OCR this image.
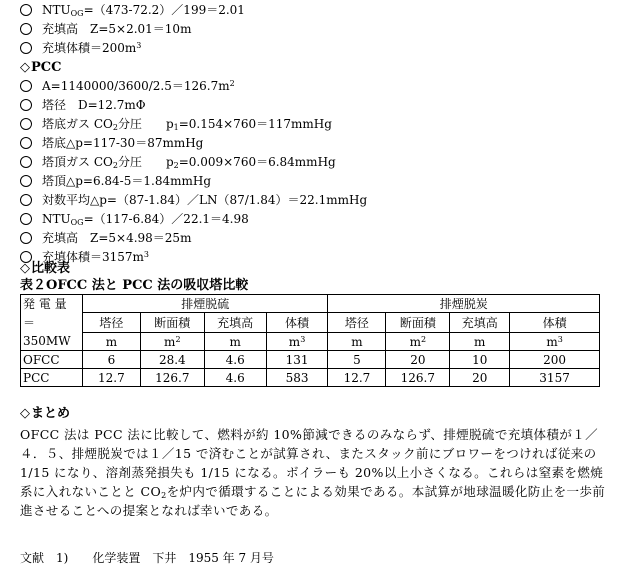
$NTU_{OG}=(473-72.2)/199=2.01$
充填高　Z=5×2.01＝10m
充填体積$=200m^3$
◇PCC
$A=1140000/3600/2.5=126.7m^2$
塔径　D=12.7mΦ
塔底ガス $CO_2$分圧　　$p_1=0.154\times 760=117mmHg$
塔底△p=117-30＝87mmHg
塔頂ガス $CO_2$分圧　　$p_2=0.009\times 760=6.84mmHg$
塔頂△p=6.84-5＝1.84mmHg
対数平均△p=（87-1.84）／LN（87/1.84）＝22.1mmHg
$NTU_{OG}=(117-6.84)/22.1=4.98$
充填高　Z=5×4.98＝25m
充填体積$=3157m^3$
◇比較表
表２OFCC 法と PCC 法の吸収塔比較
発 電 量
＝
350MW	排煙脱硫				排煙脱炭			
	塔径	断面積	充填高	体積	塔径	断面積	充填高	体積
	m	$m^2$	m	$m^3$	m	$m^2$	m	$m^3$
OFCC	6	28.4	4.6	131	5	20	10	200
PCC	12.7	126.7	4.6	583	12.7	126.7	20	3157
◇まとめ
OFCC 法は PCC 法に比較して、燃料が約 10%節減できるのみならず、排煙脱硫で充填体積が１／４．５、排煙脱炭では１／15 で済むことが試算され、またスタック前にブロワーをつければ従来の 1/15 になり、溶剤蒸発損失も 1/15 になる。ボイラーも 20%以上小さくなる。これらは窒素を燃焼系に入れないことと $CO_2$を炉内で循環することによる効果である。本試算が地球温暖化防止を一歩前進させることへの提案となれば幸いである。
文献　1)　　化学装置　下井　1955 年 7 月号
